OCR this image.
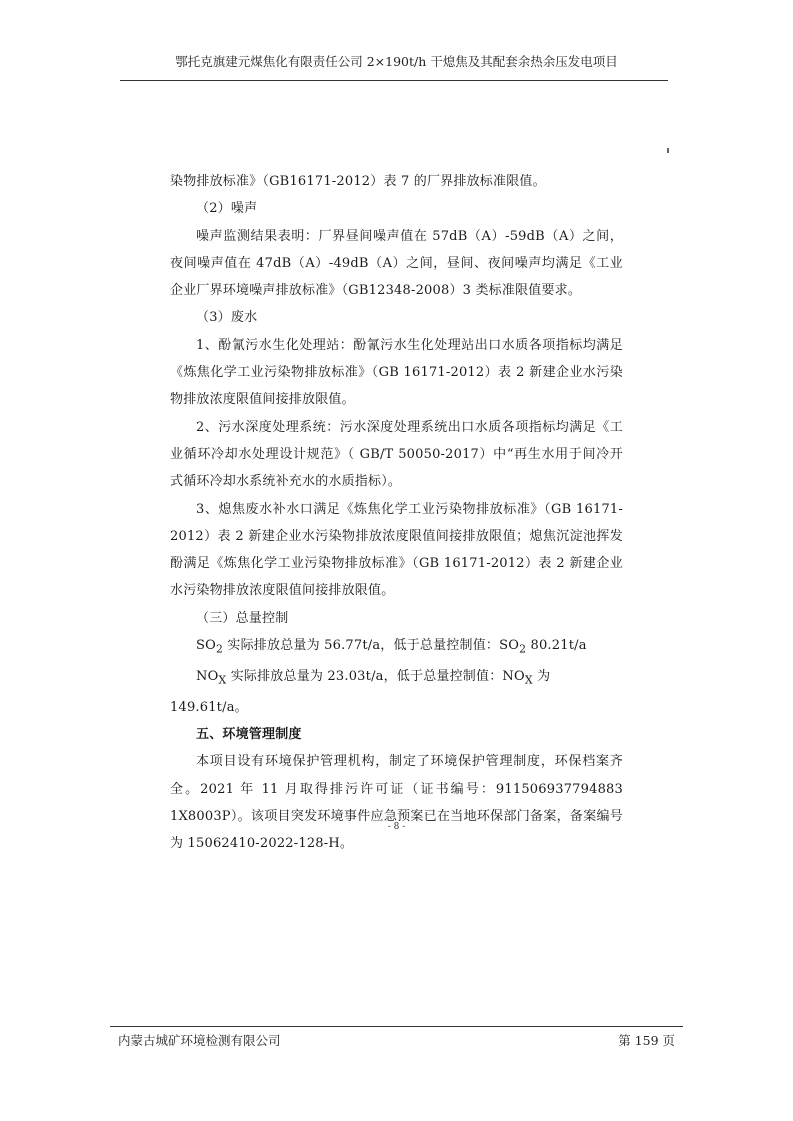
鄂托克旗建元煤焦化有限责任公司 2×190t/h 干熄焦及其配套余热余压发电项目

染物排放标准》（GB16171-2012）表 7 的厂界排放标准限值。

（2）噪声

噪声监测结果表明：厂界昼间噪声值在 57dB（A）-59dB（A）之间，夜间噪声值在 47dB（A）-49dB（A）之间，昼间、夜间噪声均满足《工业企业厂界环境噪声排放标准》（GB12348-2008）3 类标准限值要求。

（3）废水

1、酚氰污水生化处理站：酚氰污水生化处理站出口水质各项指标均满足《炼焦化学工业污染物排放标准》（GB 16171-2012）表 2 新建企业水污染物排放浓度限值间接排放限值。

2、污水深度处理系统：污水深度处理系统出口水质各项指标均满足《工业循环冷却水处理设计规范》（ GB/T 50050-2017）中“再生水用于间冷开式循环冷却水系统补充水的水质指标）。

3、熄焦废水补水口满足《炼焦化学工业污染物排放标准》（GB 16171-2012）表 2 新建企业水污染物排放浓度限值间接排放限值；熄焦沉淀池挥发酚满足《炼焦化学工业污染物排放标准》（GB 16171-2012）表 2 新建企业水污染物排放浓度限值间接排放限值。

（三）总量控制

$SO_2$ 实际排放总量为 56.77t/a，低于总量控制值：$SO_2$ 80.21t/a

$NO_X$ 实际排放总量为 23.03t/a，低于总量控制值：$NO_X$ 为 149.61t/a。

五、环境管理制度

本项目设有环境保护管理机构，制定了环境保护管理制度，环保档案齐全。2021 年 11 月取得排污许可证（证书编号：911506937794883​1X8003P）。该项目突发环境事件应急预案已在当地环保部门备案，备案编号为 15062410-2022-128-H。

- 8 -
内蒙古城矿环境检测有限公司	第 159 页
